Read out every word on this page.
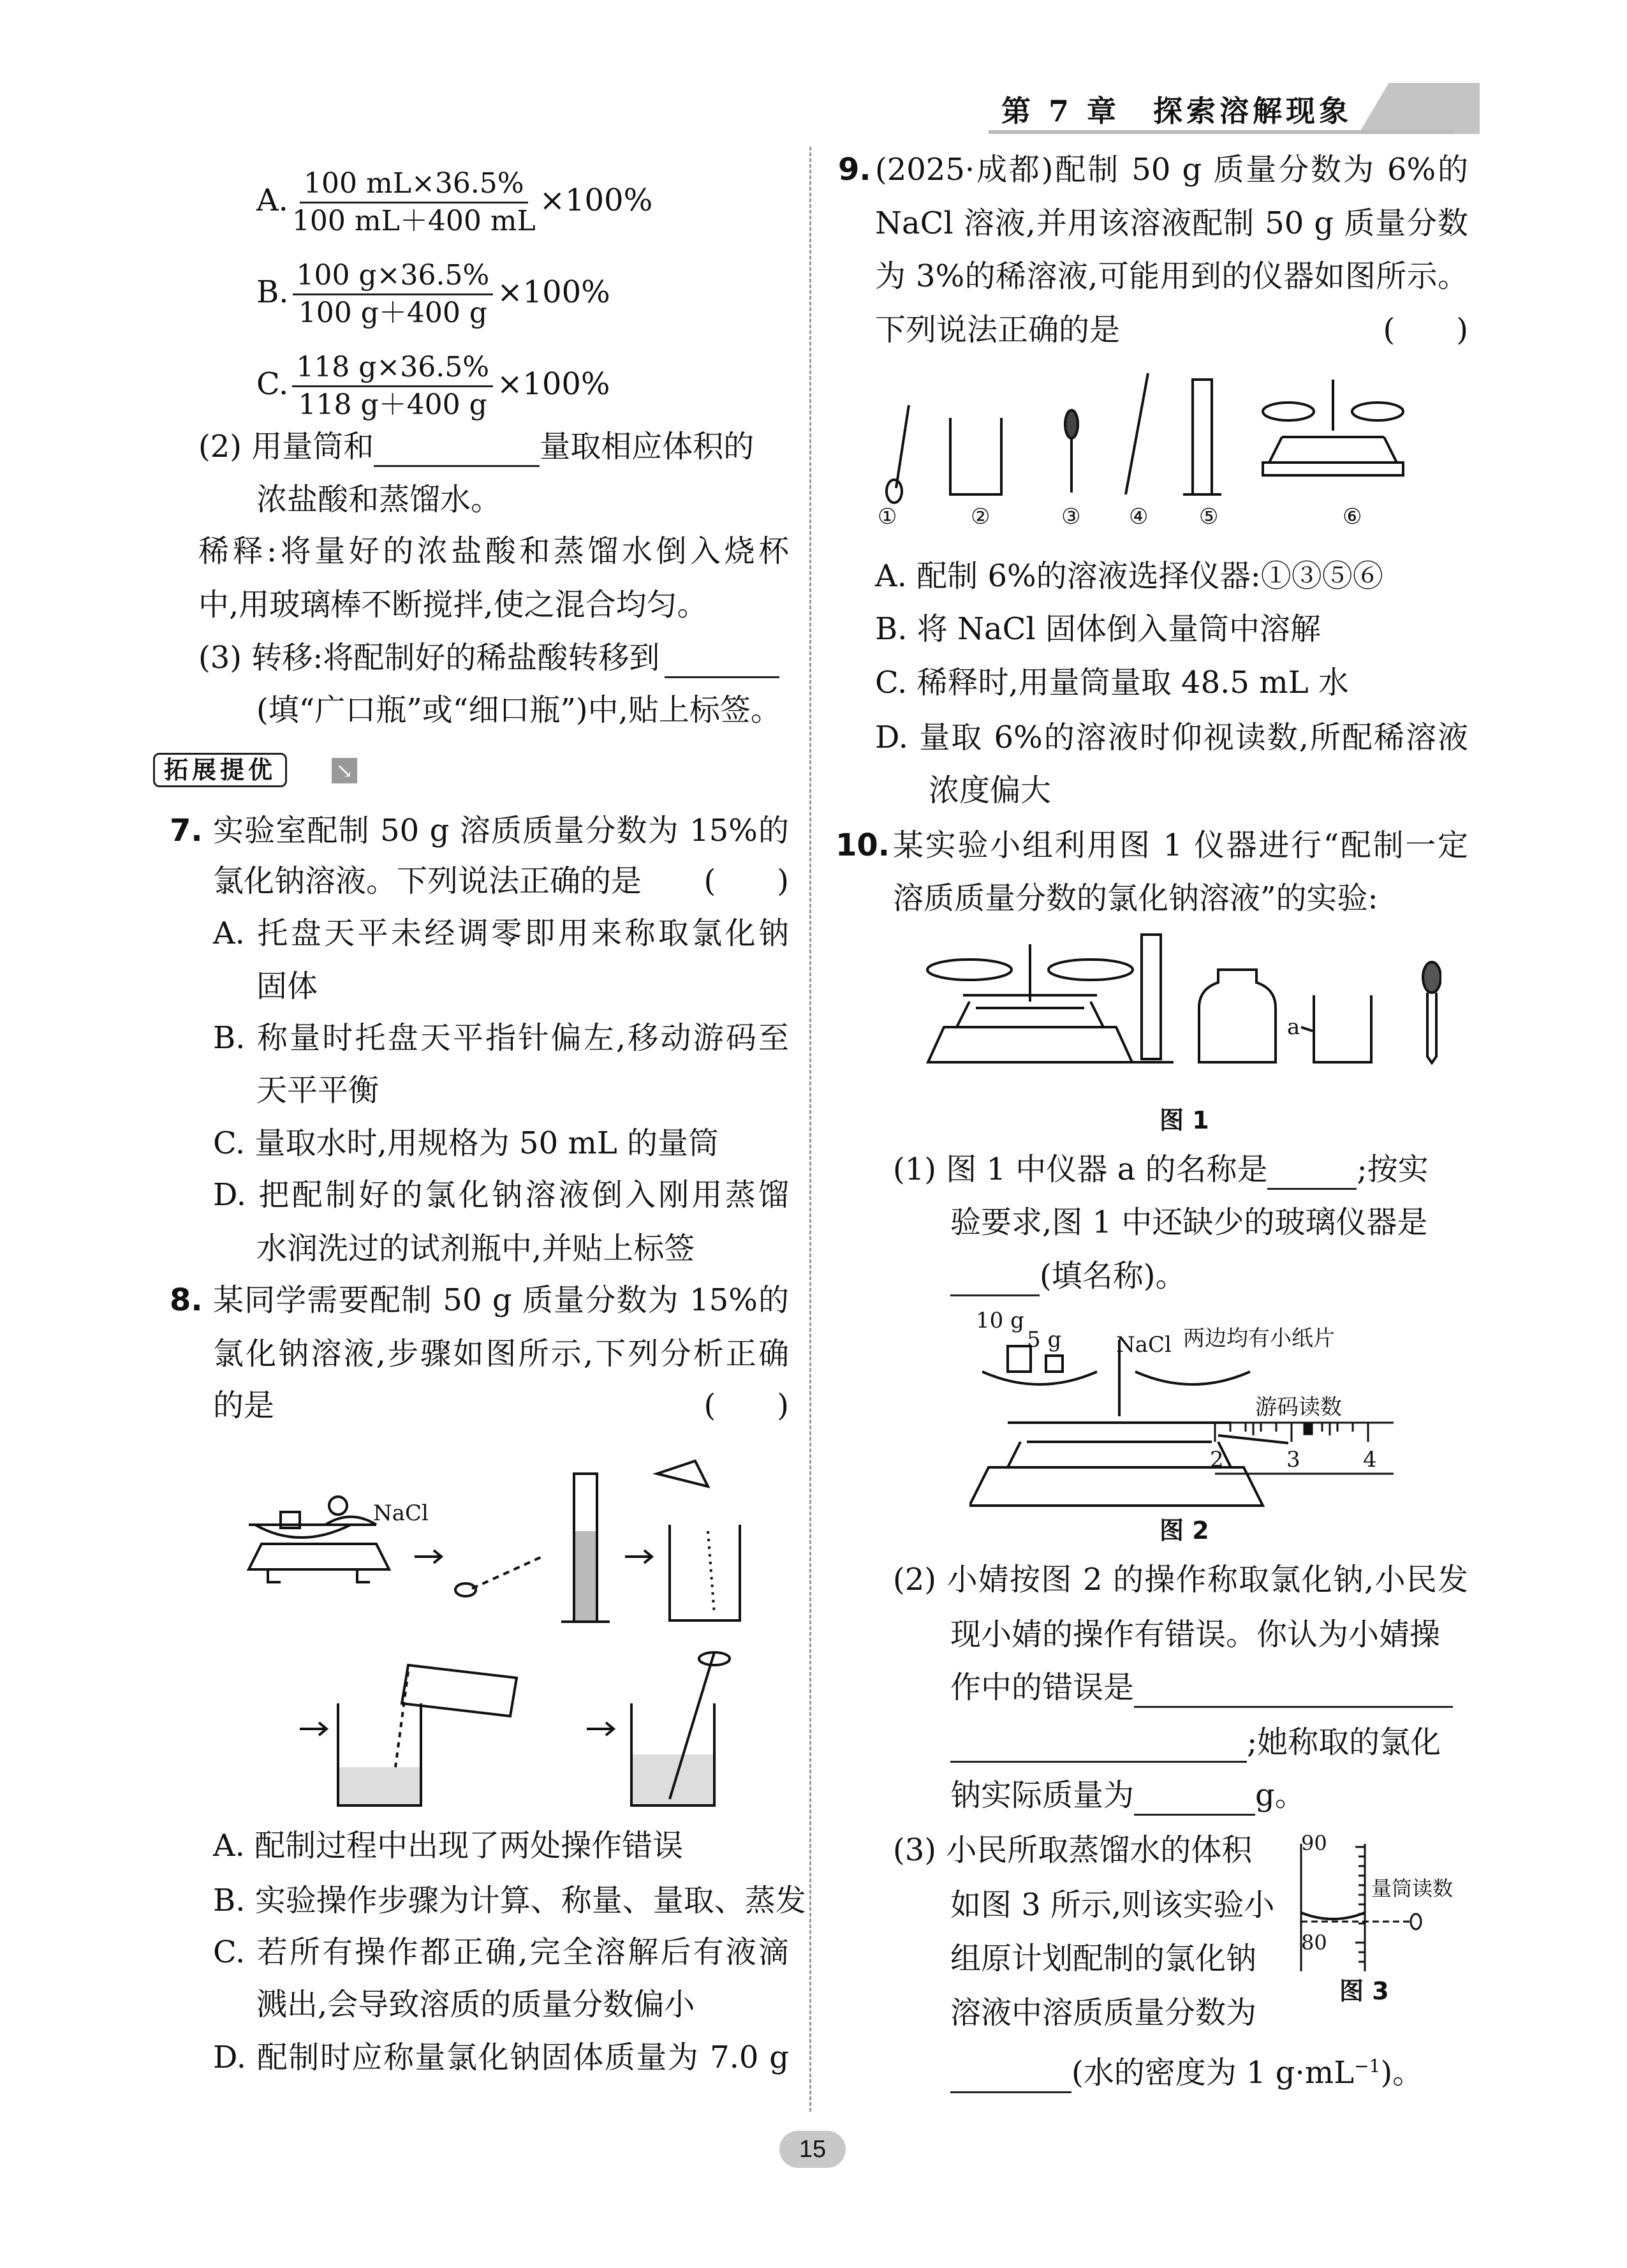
第 7 章　探索溶解现象
A. $\frac{100 mL\times 36.5\%}{100 mL+400 mL} \times 100\%$
B. $\frac{100 g\times 36.5\%}{100 g+400 g} \times 100\%$
C. $\frac{118 g\times 36.5\%}{118 g+400 g} \times 100\%$
(2) 用量筒和	量取相应体积的
浓盐酸和蒸馏水。
稀释:将量好的浓盐酸和蒸馏水倒入烧杯
中,用玻璃棒不断搅拌,使之混合均匀。
(3) 转移:将配制好的稀盐酸转移到
(填“广口瓶”或“细口瓶”)中,贴上标签。
拓展提优	↘
7. 实验室配制 50 g 溶质质量分数为 15%的
氯化钠溶液。下列说法正确的是 (　　)
A. 托盘天平未经调零即用来称取氯化钠
固体
B. 称量时托盘天平指针偏左,移动游码至
天平平衡
C. 量取水时,用规格为 50 mL 的量筒
D. 把配制好的氯化钠溶液倒入刚用蒸馏
水润洗过的试剂瓶中,并贴上标签
8. 某同学需要配制 50 g 质量分数为 15%的
氯化钠溶液,步骤如图所示,下列分析正确
的是	(　　)
NaCl
A. 配制过程中出现了两处操作错误
B. 实验操作步骤为计算、称量、量取、蒸发
C. 若所有操作都正确,完全溶解后有液滴
溅出,会导致溶质的质量分数偏小
D. 配制时应称量氯化钠固体质量为 7.0 g
9. (2025·成都)配制 50 g 质量分数为 6%的
NaCl 溶液,并用该溶液配制 50 g 质量分数
为 3%的稀溶液,可能用到的仪器如图所示。
下列说法正确的是	(　　)
①	②	③ ④ ⑤	⑥
A. 配制 6%的溶液选择仪器:①③⑤⑥
B. 将 NaCl 固体倒入量筒中溶解
C. 稀释时,用量筒量取 48.5 mL 水
D. 量取 6%的溶液时仰视读数,所配稀溶液
浓度偏大
10. 某实验小组利用图 1 仪器进行“配制一定
溶质质量分数的氯化钠溶液”的实验:
a
图 1
(1) 图 1 中仪器 a 的名称是	;按实
验要求,图 1 中还缺少的玻璃仪器是
(填名称)。
10 g
5 g	NaCl 两边均有小纸片
游码读数
2	3	4
图 2
(2) 小婧按图 2 的操作称取氯化钠,小民发
现小婧的操作有错误。你认为小婧操
作中的错误是
;她称取的氯化
钠实际质量为	g。
(3) 小民所取蒸馏水的体积
如图 3 所示,则该实验小
组原计划配制的氯化钠
溶液中溶质质量分数为
(水的密度为 1 $g\cdot mL^{-1}$)。
90
80
量筒读数
图 3
15
